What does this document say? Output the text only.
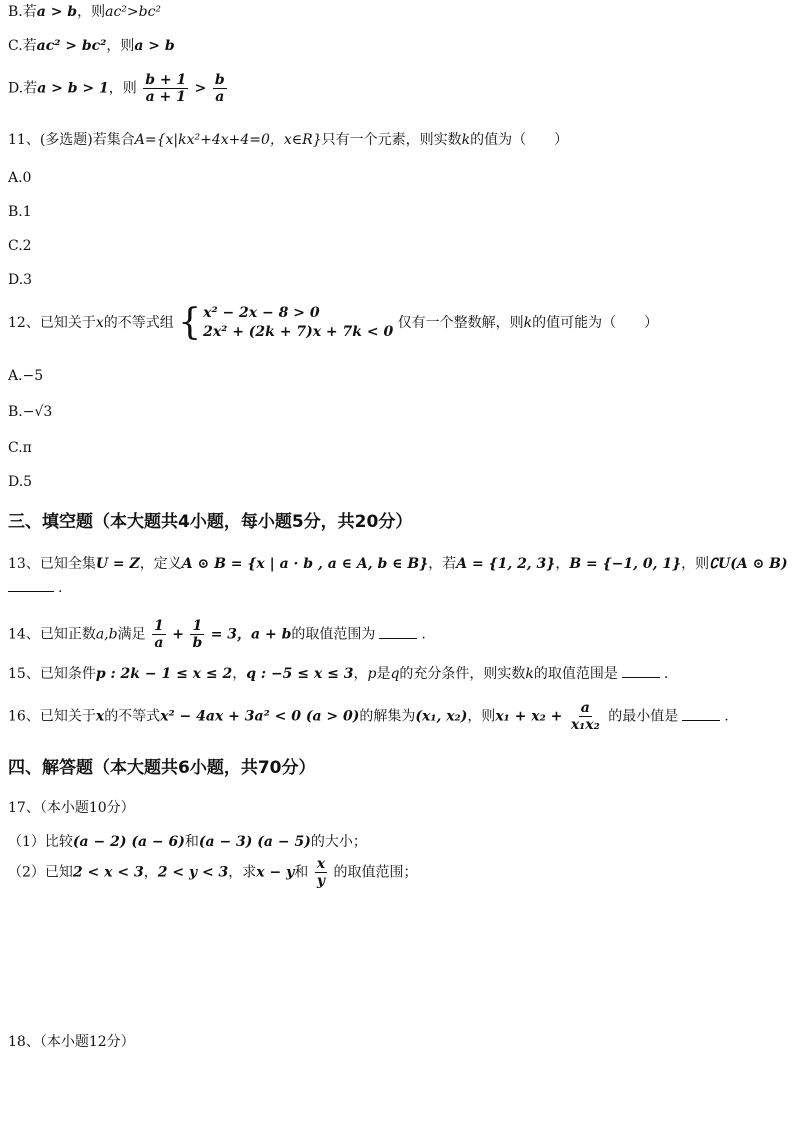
B.若a > b，则ac²>bc²
C.若ac² > bc²，则a > b
D.若a > b > 1，则 $\frac{b + 1}{a + 1} > \frac{b}{a}$
11、(多选题)若集合A={x|kx²+4x+4=0，x∈R}只有一个元素，则实数k的值为（　　）
A.0
B.1
C.2
D.3
12、已知关于x的不等式组 { x² − 2x − 8 > 0
2x² + (2k + 7)x + 7k < 0
仅有一个整数解，则k的值可能为（　　）
A.−5
B.−√3
C.π
D.5
三、填空题（本大题共4小题，每小题5分，共20分）
13、已知全集U = Z，定义A ⊙ B = {x | a · b , a ∈ A, b ∈ B}，若A = {1, 2, 3}，B = {−1, 0, 1}，则∁U(A ⊙ B)
.
14、已知正数a,b满足 $\frac{1}{a} + \frac{1}{b} = 3$，a + b的取值范围为	.
15、已知条件p : 2k − 1 ≤ x ≤ 2，q : −5 ≤ x ≤ 3，p是q的充分条件，则实数k的取值范围是	.
16、已知关于x的不等式x² − 4ax + 3a² < 0 (a > 0)的解集为(x₁, x₂)，则$x_1 + x_2 + \frac{a}{\text{x₁x₂}}$ 的最小值是	.
四、解答题（本大题共6小题，共70分）
17、（本小题10分）
（1）比较(a − 2) (a − 6)和(a − 3) (a − 5)的大小；
（2）已知2 < x < 3，2 < y < 3，求x − y和 $\frac{x}{y}$ 的取值范围；
18、（本小题12分）
